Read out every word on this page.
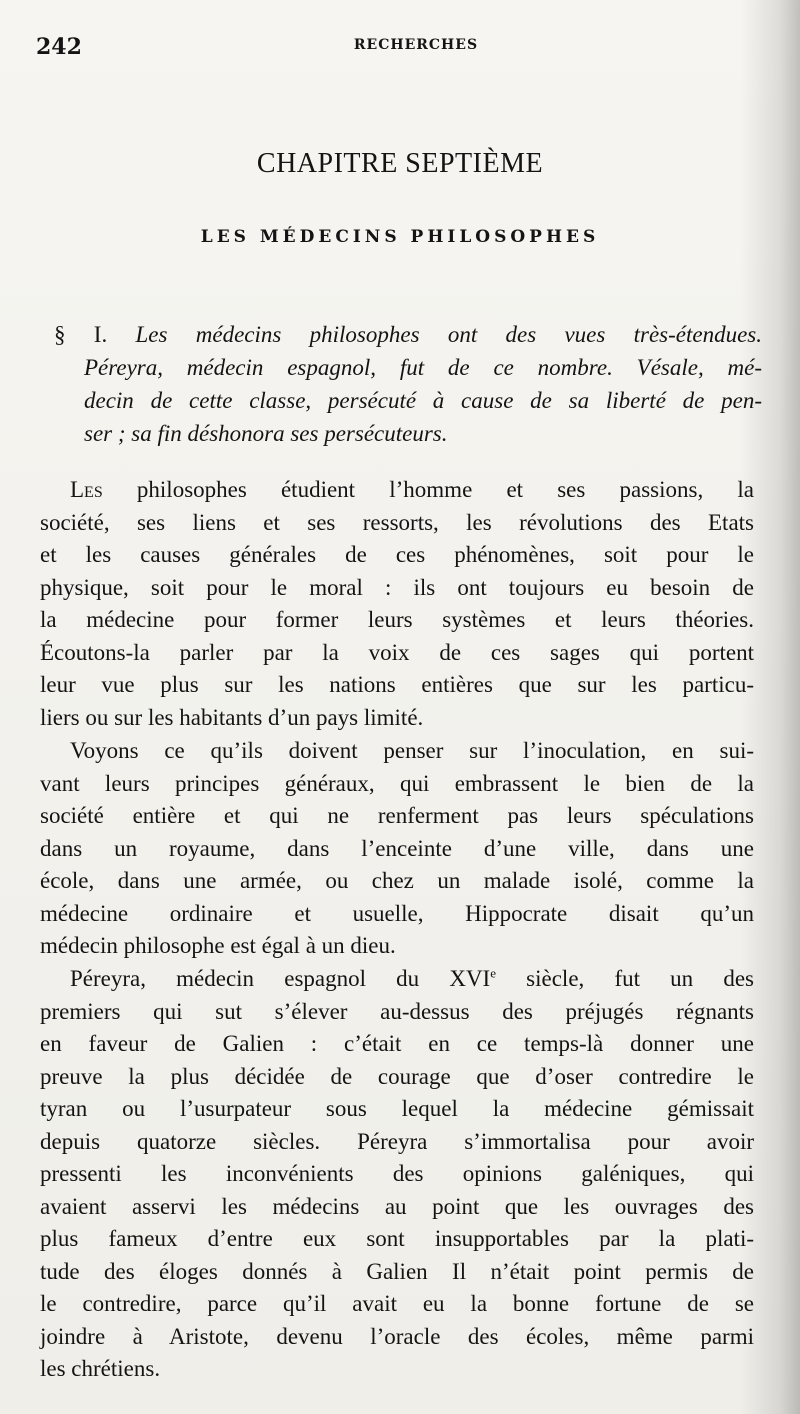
242	RECHERCHES
CHAPITRE SEPTIÈME
LES MÉDECINS PHILOSOPHES
§ I. Les médecins philosophes ont des vues très-étendues.
Péreyra, médecin espagnol, fut de ce nombre. Vésale, mé-
decin de cette classe, persécuté à cause de sa liberté de pen-
ser ; sa fin déshonora ses persécuteurs.

Les philosophes étudient l’homme et ses passions, la
société, ses liens et ses ressorts, les révolutions des Etats
et les causes générales de ces phénomènes, soit pour le
physique, soit pour le moral : ils ont toujours eu besoin de
la médecine pour former leurs systèmes et leurs théories.
Écoutons-la parler par la voix de ces sages qui portent
leur vue plus sur les nations entières que sur les particu-
liers ou sur les habitants d’un pays limité.

Voyons ce qu’ils doivent penser sur l’inoculation, en sui-
vant leurs principes généraux, qui embrassent le bien de la
société entière et qui ne renferment pas leurs spéculations
dans un royaume, dans l’enceinte d’une ville, dans une
école, dans une armée, ou chez un malade isolé, comme la
médecine ordinaire et usuelle, Hippocrate disait qu’un
médecin philosophe est égal à un dieu.

Péreyra, médecin espagnol du XVIe siècle, fut un des
premiers qui sut s’élever au-dessus des préjugés régnants
en faveur de Galien : c’était en ce temps-là donner une
preuve la plus décidée de courage que d’oser contredire le
tyran ou l’usurpateur sous lequel la médecine gémissait
depuis quatorze siècles. Péreyra s’immortalisa pour avoir
pressenti les inconvénients des opinions galéniques, qui
avaient asservi les médecins au point que les ouvrages des
plus fameux d’entre eux sont insupportables par la plati-
tude des éloges donnés à Galien Il n’était point permis de
le contredire, parce qu’il avait eu la bonne fortune de se
joindre à Aristote, devenu l’oracle des écoles, même parmi
les chrétiens.
